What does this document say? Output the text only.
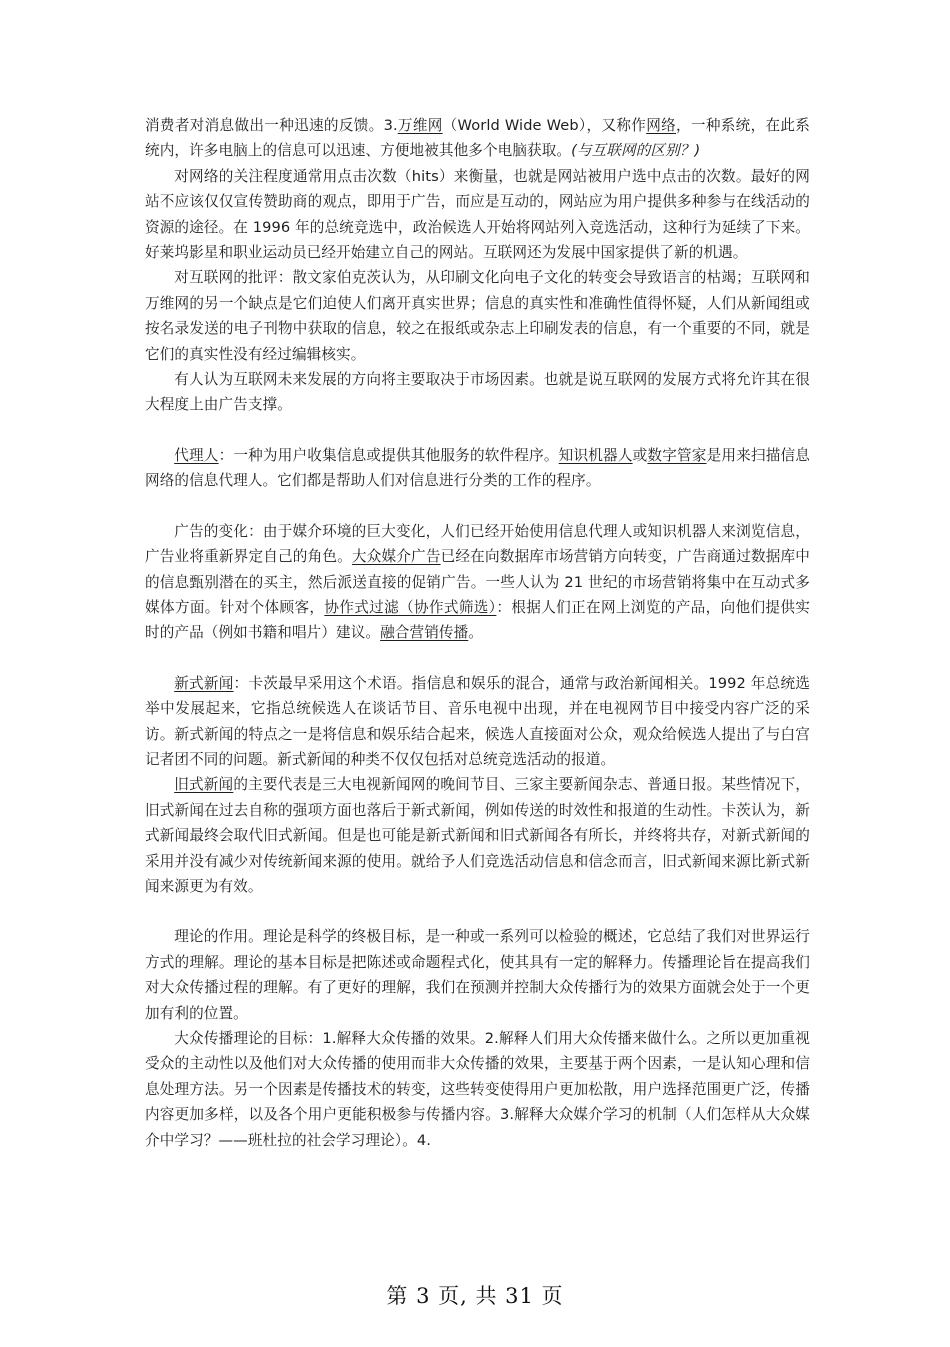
消费者对消息做出一种迅速的反馈。3.万维网（World Wide Web），又称作网络，一种系统，在此系统内，许多电脑上的信息可以迅速、方便地被其他多个电脑获取。(与互联网的区别？)

对网络的关注程度通常用点击次数（hits）来衡量，也就是网站被用户选中点击的次数。最好的网站不应该仅仅宣传赞助商的观点，即用于广告，而应是互动的，网站应为用户提供多种参与在线活动的资源的途径。在 1996 年的总统竞选中，政治候选人开始将网站列入竞选活动，这种行为延续了下来。好莱坞影星和职业运动员已经开始建立自己的网站。互联网还为发展中国家提供了新的机遇。

对互联网的批评：散文家伯克茨认为，从印刷文化向电子文化的转变会导致语言的枯竭；互联网和万维网的另一个缺点是它们迫使人们离开真实世界；信息的真实性和准确性值得怀疑，人们从新闻组或按名录发送的电子刊物中获取的信息，较之在报纸或杂志上印刷发表的信息，有一个重要的不同，就是它们的真实性没有经过编辑核实。

有人认为互联网未来发展的方向将主要取决于市场因素。也就是说互联网的发展方式将允许其在很大程度上由广告支撑。

代理人：一种为用户收集信息或提供其他服务的软件程序。知识机器人或数字管家是用来扫描信息网络的信息代理人。它们都是帮助人们对信息进行分类的工作的程序。

广告的变化：由于媒介环境的巨大变化，人们已经开始使用信息代理人或知识机器人来浏览信息，广告业将重新界定自己的角色。大众媒介广告已经在向数据库市场营销方向转变，广告商通过数据库中的信息甄别潜在的买主，然后派送直接的促销广告。一些人认为 21 世纪的市场营销将集中在互动式多媒体方面。针对个体顾客，协作式过滤（协作式筛选）：根据人们正在网上浏览的产品，向他们提供实时的产品（例如书籍和唱片）建议。融合营销传播。

新式新闻：卡茨最早采用这个术语。指信息和娱乐的混合，通常与政治新闻相关。1992 年总统选举中发展起来，它指总统候选人在谈话节目、音乐电视中出现，并在电视网节目中接受内容广泛的采访。新式新闻的特点之一是将信息和娱乐结合起来，候选人直接面对公众，观众给候选人提出了与白宫记者团不同的问题。新式新闻的种类不仅仅包括对总统竞选活动的报道。

旧式新闻的主要代表是三大电视新闻网的晚间节目、三家主要新闻杂志、普通日报。某些情况下，旧式新闻在过去自称的强项方面也落后于新式新闻，例如传送的时效性和报道的生动性。卡茨认为，新式新闻最终会取代旧式新闻。但是也可能是新式新闻和旧式新闻各有所长，并终将共存，对新式新闻的采用并没有减少对传统新闻来源的使用。就给予人们竞选活动信息和信念而言，旧式新闻来源比新式新闻来源更为有效。

理论的作用。理论是科学的终极目标，是一种或一系列可以检验的概述，它总结了我们对世界运行方式的理解。理论的基本目标是把陈述或命题程式化，使其具有一定的解释力。传播理论旨在提高我们对大众传播过程的理解。有了更好的理解，我们在预测并控制大众传播行为的效果方面就会处于一个更加有利的位置。

大众传播理论的目标：1.解释大众传播的效果。2.解释人们用大众传播来做什么。之所以更加重视受众的主动性以及他们对大众传播的使用而非大众传播的效果，主要基于两个因素，一是认知心理和信息处理方法。另一个因素是传播技术的转变，这些转变使得用户更加松散，用户选择范围更广泛，传播内容更加多样，以及各个用户更能积极参与传播内容。3.解释大众媒介学习的机制（人们怎样从大众媒介中学习？——班杜拉的社会学习理论）。4.

第 3 页, 共 31 页
